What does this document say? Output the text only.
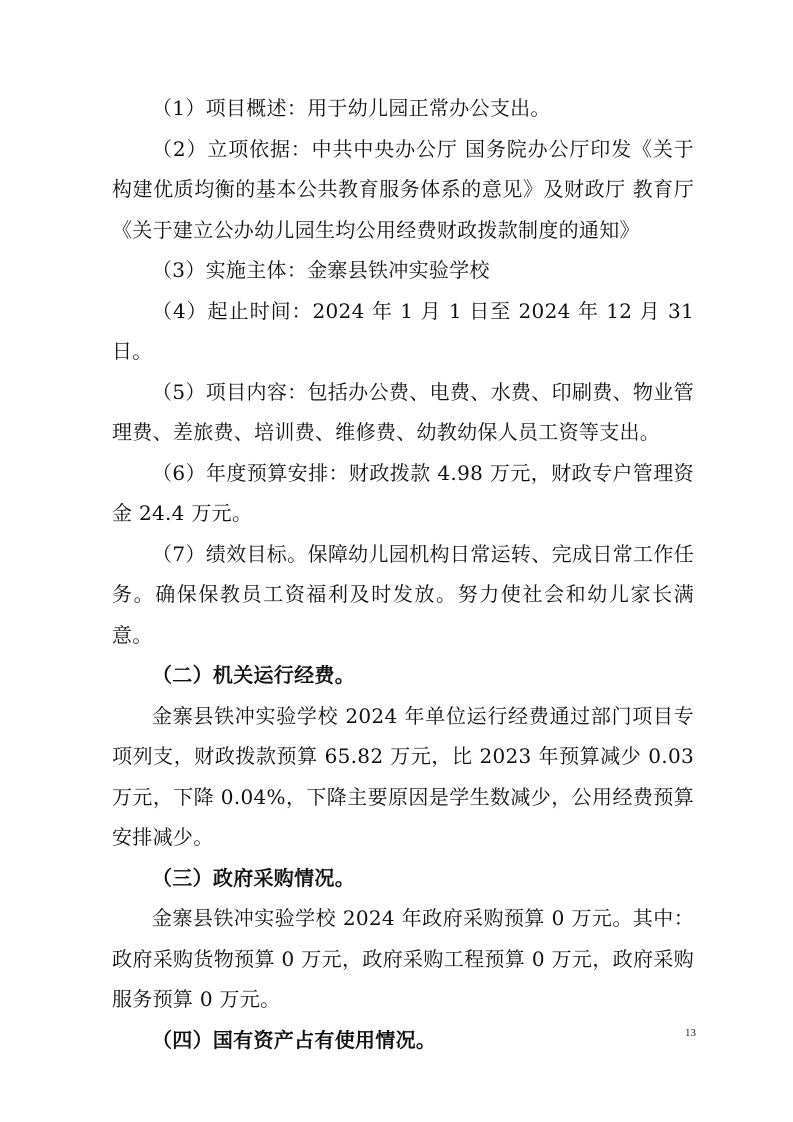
（1）项目概述：用于幼儿园正常办公支出。

（2）立项依据：中共中央办公厅 国务院办公厅印发《关于构建优质均衡的基本公共教育服务体系的意见》及财政厅 教育厅《关于建立公办幼儿园生均公用经费财政拨款制度的通知》

（3）实施主体：金寨县铁冲实验学校

（4）起止时间：2024 年 1 月 1 日至 2024 年 12 月 31 日。

（5）项目内容：包括办公费、电费、水费、印刷费、物业管理费、差旅费、培训费、维修费、幼教幼保人员工资等支出。

（6）年度预算安排：财政拨款 4.98 万元，财政专户管理资金 24.4 万元。

（7）绩效目标。保障幼儿园机构日常运转、完成日常工作任务。确保保教员工资福利及时发放。努力使社会和幼儿家长满意。

（二）机关运行经费。

金寨县铁冲实验学校 2024 年单位运行经费通过部门项目专项列支，财政拨款预算 65.82 万元，比 2023 年预算减少 0.03 万元，下降 0.04%，下降主要原因是学生数减少，公用经费预算安排减少。

（三）政府采购情况。

金寨县铁冲实验学校 2024 年政府采购预算 0 万元。其中：政府采购货物预算 0 万元，政府采购工程预算 0 万元，政府采购服务预算 0 万元。

（四）国有资产占有使用情况。	13
